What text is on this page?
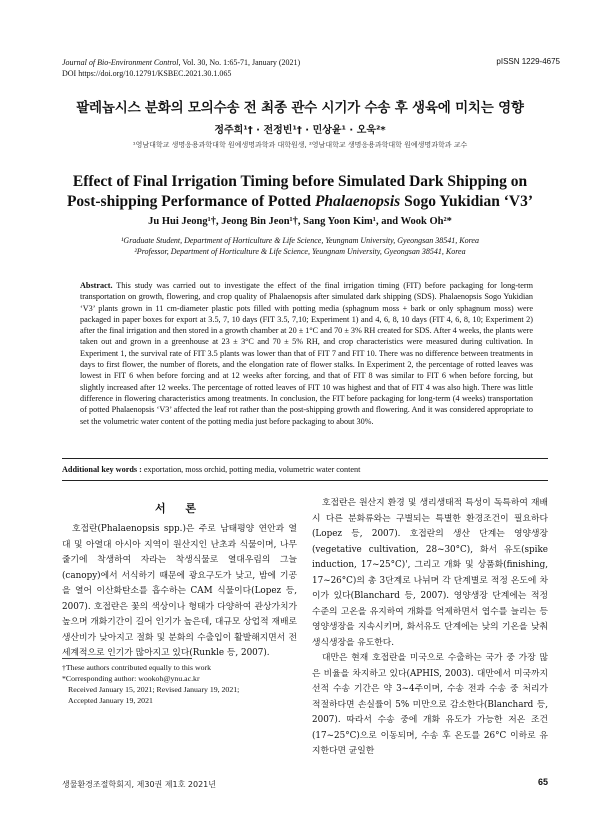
Journal of Bio-Environment Control, Vol. 30, No. 1:65-71, January (2021)
DOI https://doi.org/10.12791/KSBEC.2021.30.1.065
pISSN 1229-4675
팔레놉시스 분화의 모의수송 전 최종 관수 시기가 수송 후 생육에 미치는 영향
정주희¹† · 전정빈¹† · 민상윤¹ · 오욱²*
¹영남대학교 생명응용과학대학 원예생명과학과 대학원생, ²영남대학교 생명응용과학대학 원예생명과학과 교수
Effect of Final Irrigation Timing before Simulated Dark Shipping on
Post-shipping Performance of Potted Phalaenopsis Sogo Yukidian ‘V3’
Ju Hui Jeong¹†, Jeong Bin Jeon¹†, Sang Yoon Kim¹, and Wook Oh²*
¹Graduate Student, Department of Horticulture & Life Science, Yeungnam University, Gyeongsan 38541, Korea
²Professor, Department of Horticulture & Life Science, Yeungnam University, Gyeongsan 38541, Korea
Abstract. This study was carried out to investigate the effect of the final irrigation timing (FIT) before packaging for long-term transportation on growth, flowering, and crop quality of Phalaenopsis after simulated dark shipping (SDS). Phalaenopsis Sogo Yukidian ‘V3’ plants grown in 11 cm-diameter plastic pots filled with potting media (sphagnum moss + bark or only sphagnum moss) were packaged in paper boxes for export at 3.5, 7, 10 days (FIT 3.5, 7,10; Experiment 1) and 4, 6, 8, 10 days (FIT 4, 6, 8, 10; Experiment 2) after the final irrigation and then stored in a growth chamber at 20 ± 1°C and 70 ± 3% RH created for SDS. After 4 weeks, the plants were taken out and grown in a greenhouse at 23 ± 3°C and 70 ± 5% RH, and crop characteristics were measured during cultivation. In Experiment 1, the survival rate of FIT 3.5 plants was lower than that of FIT 7 and FIT 10. There was no difference between treatments in days to first flower, the number of florets, and the elongation rate of flower stalks. In Experiment 2, the percentage of rotted leaves was lowest in FIT 6 when before forcing and at 12 weeks after forcing, and that of FIT 8 was similar to FIT 6 when before forcing, but slightly increased after 12 weeks. The percentage of rotted leaves of FIT 10 was highest and that of FIT 4 was also high. There was little difference in flowering characteristics among treatments. In conclusion, the FIT before packaging for long-term (4 weeks) transportation of potted Phalaenopsis ‘V3’ affected the leaf rot rather than the post-shipping growth and flowering. And it was considered appropriate to set the volumetric water content of the potting media just before packaging to about 30%.
Additional key words : exportation, moss orchid, potting media, volumetric water content
서 론

호접란(Phalaenopsis spp.)은 주로 남태평양 연안과 열대 및 아열대 아시아 지역이 원산지인 난초과 식물이며, 나무 줄기에 착생하여 자라는 착생식물로 열대우림의 그늘(canopy)에서 서식하기 때문에 광요구도가 낮고, 밤에 기공을 열어 이산화탄소를 흡수하는 CAM 식물이다(Lopez 등, 2007). 호접란은 꽃의 색상이나 형태가 다양하여 관상가치가 높으며 개화기간이 길어 인기가 높은데, 대규모 상업적 재배로 생산비가 낮아지고 절화 및 분화의 수출입이 활발해지면서 전세계적으로 인기가 많아지고 있다(Runkle 등, 2007).

호접란은 원산지 환경 및 생리생태적 특성이 독특하여 재배 시 다른 분화류와는 구별되는 특별한 환경조건이 필요하다(Lopez 등, 2007). 호접란의 생산 단계는 영양생장(vegetative cultivation, 28~30°C), 화서 유도(spike induction, 17~25°C)', 그리고 개화 및 상품화(finishing, 17~26°C)의 총 3단계로 나뉘며 각 단계별로 적정 온도에 차이가 있다(Blanchard 등, 2007). 영양생장 단계에는 적정 수준의 고온을 유지하여 개화를 억제하면서 엽수를 늘리는 등 영양생장을 지속시키며, 화서유도 단계에는 낮의 기온을 낮춰 생식생장을 유도한다.

대만은 현재 호접란을 미국으로 수출하는 국가 중 가장 많은 비율을 차지하고 있다(APHIS, 2003). 대만에서 미국까지 선적 수송 기간은 약 3~4주이며, 수송 전과 수송 중 처리가 적절하다면 손실률이 5% 미만으로 감소한다(Blanchard 등, 2007). 따라서 수송 중에 개화 유도가 가능한 저온 조건(17~25°C)으로 이동되며, 수송 후 온도를 26°C 이하로 유지한다면 균일한

†These authors contributed equally to this work
*Corresponding author: wookoh@ynu.ac.kr
Received January 15, 2021; Revised January 19, 2021;
Accepted January 19, 2021
생물환경조절학회지, 제30권 제1호 2021년	65
